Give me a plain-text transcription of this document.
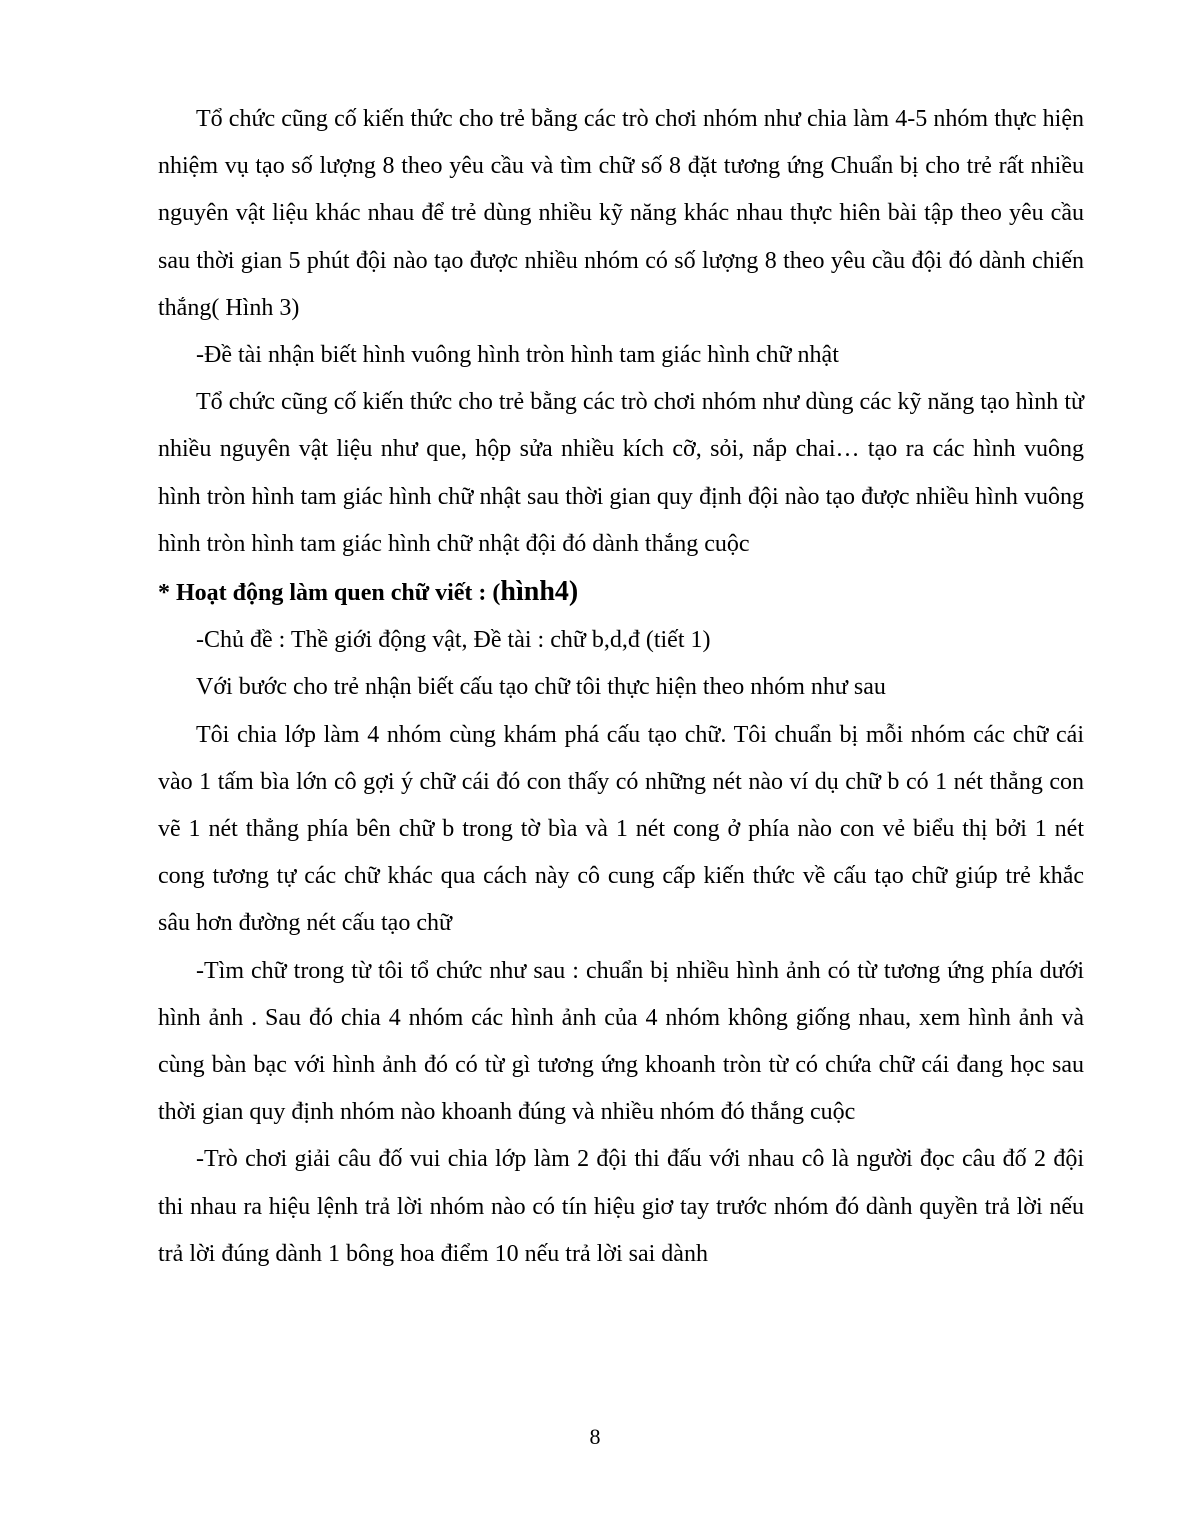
Tổ chức cũng cố kiến thức cho trẻ bằng các trò chơi nhóm như chia làm 4-5 nhóm thực hiện nhiệm vụ tạo số lượng 8 theo yêu cầu và tìm chữ số 8 đặt tương ứng Chuẩn bị cho trẻ rất nhiều nguyên vật liệu khác nhau để trẻ dùng nhiều kỹ năng khác nhau thực hiên bài tập theo yêu cầu sau thời gian 5 phút đội nào tạo được nhiều nhóm có số lượng 8 theo yêu cầu đội đó dành chiến thắng( Hình 3)

-Đề tài nhận biết hình vuông hình tròn hình tam giác hình chữ nhật

Tổ chức cũng cố kiến thức cho trẻ bằng các trò chơi nhóm như dùng các kỹ năng tạo hình từ nhiều nguyên vật liệu như que, hộp sửa nhiều kích cỡ, sỏi, nắp chai… tạo ra các hình vuông hình tròn hình tam giác hình chữ nhật sau thời gian quy định đội nào tạo được nhiều hình vuông hình tròn hình tam giác hình chữ nhật đội đó dành thắng cuộc

* Hoạt động làm quen chữ viết : (hình4)

-Chủ đề : Thề giới động vật, Đề tài : chữ b,d,đ (tiết 1)

Với bước cho trẻ nhận biết cấu tạo chữ tôi thực hiện theo nhóm như sau

Tôi chia lớp làm 4 nhóm cùng khám phá cấu tạo chữ. Tôi chuẩn bị mỗi nhóm các chữ cái vào 1 tấm bìa lớn cô gợi ý chữ cái đó con thấy có những nét nào ví dụ chữ b có 1 nét thẳng con vẽ 1 nét thẳng phía bên chữ b trong tờ bìa và 1 nét cong ở phía nào con vẻ biểu thị bởi 1 nét cong tương tự các chữ khác qua cách này cô cung cấp kiến thức về cấu tạo chữ giúp trẻ khắc sâu hơn đường nét cấu tạo chữ

-Tìm chữ trong từ tôi tổ chức như sau : chuẩn bị nhiều hình ảnh có từ tương ứng phía dưới hình ảnh . Sau đó chia 4 nhóm các hình ảnh của 4 nhóm không giống nhau, xem hình ảnh và cùng bàn bạc với hình ảnh đó có từ gì tương ứng khoanh tròn từ có chứa chữ cái đang học sau thời gian quy định nhóm nào khoanh đúng và nhiều nhóm đó thắng cuộc

-Trò chơi giải câu đố vui chia lớp làm 2 đội thi đấu với nhau cô là người đọc câu đố 2 đội thi nhau ra hiệu lệnh trả lời nhóm nào có tín hiệu giơ tay trước nhóm đó dành quyền trả lời nếu trả lời đúng dành 1 bông hoa điểm 10 nếu trả lời sai dành

8
